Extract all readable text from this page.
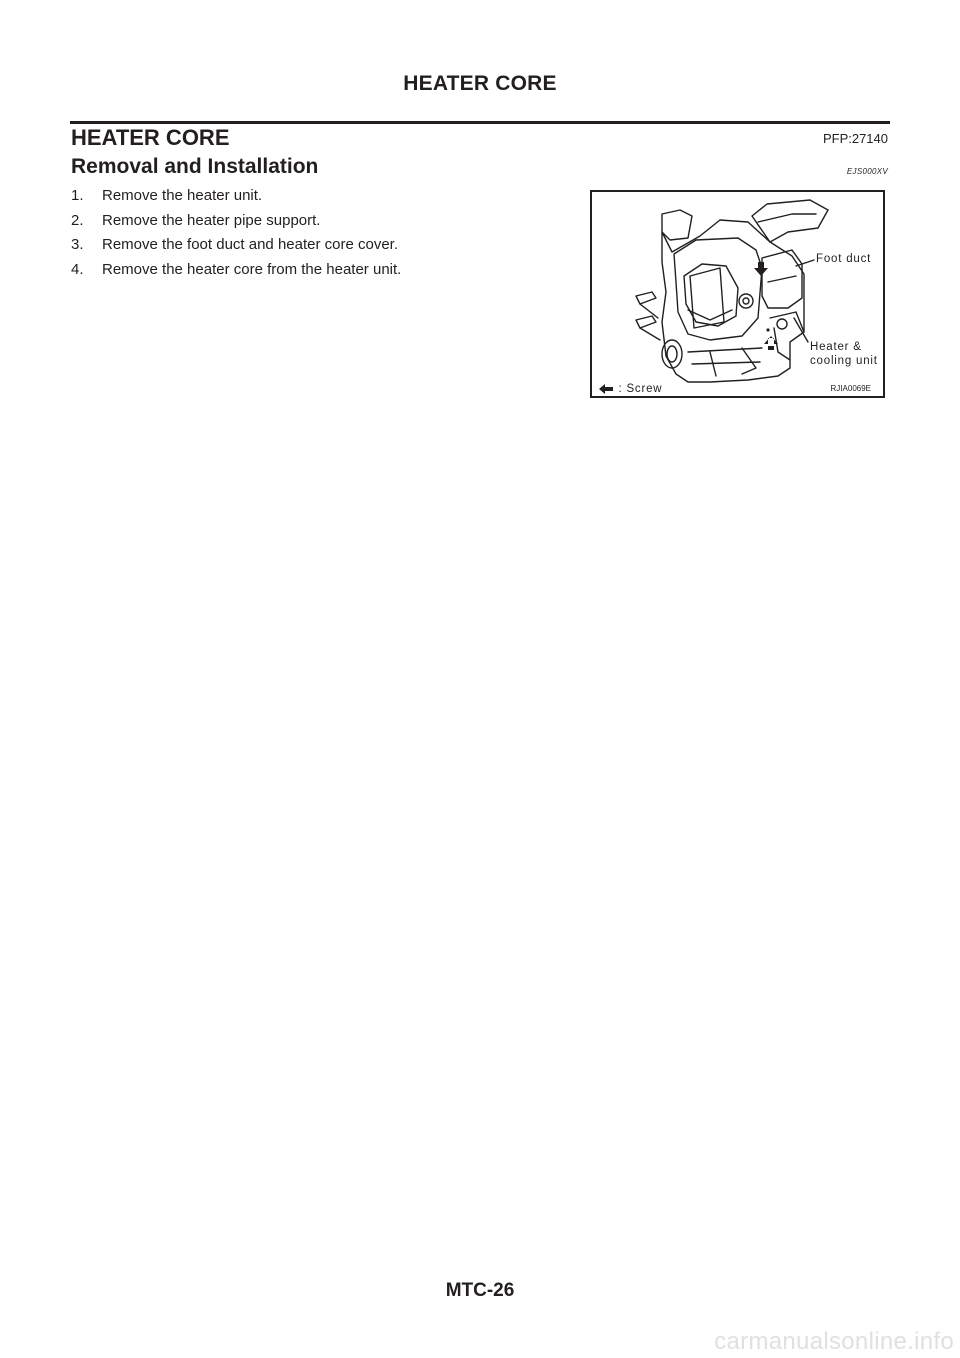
HEATER CORE
HEATER CORE	PFP:27140
Removal and Installation	EJS000XV
1. Remove the heater unit.
2. Remove the heater pipe support.
3. Remove the foot duct and heater core cover.
4. Remove the heater core from the heater unit.
Foot duct
Heater &
cooling unit
: Screw	RJIA0069E
MTC-26
carmanualsonline.info
